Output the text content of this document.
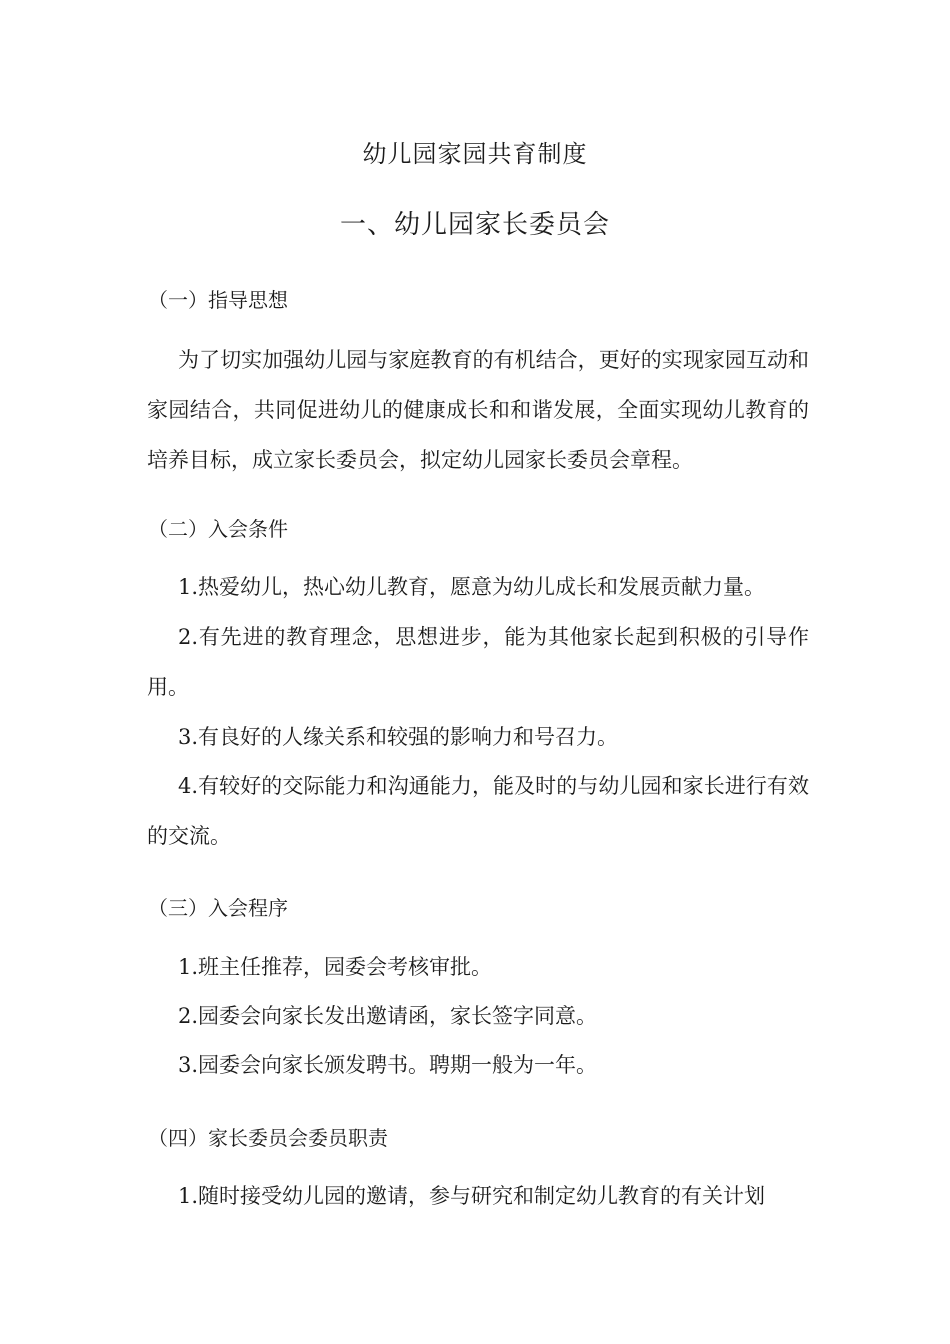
幼儿园家园共育制度
一、幼儿园家长委员会
（一）指导思想
为了切实加强幼儿园与家庭教育的有机结合，更好的实现家园互动和家园结合，共同促进幼儿的健康成长和和谐发展，全面实现幼儿教育的培养目标，成立家长委员会，拟定幼儿园家长委员会章程。
（二）入会条件
1.热爱幼儿，热心幼儿教育，愿意为幼儿成长和发展贡献力量。
2.有先进的教育理念，思想进步，能为其他家长起到积极的引导作用。
3.有良好的人缘关系和较强的影响力和号召力。
4.有较好的交际能力和沟通能力，能及时的与幼儿园和家长进行有效的交流。
（三）入会程序
1.班主任推荐，园委会考核审批。
2.园委会向家长发出邀请函，家长签字同意。
3.园委会向家长颁发聘书。聘期一般为一年。
（四）家长委员会委员职责
1.随时接受幼儿园的邀请，参与研究和制定幼儿教育的有关计划
